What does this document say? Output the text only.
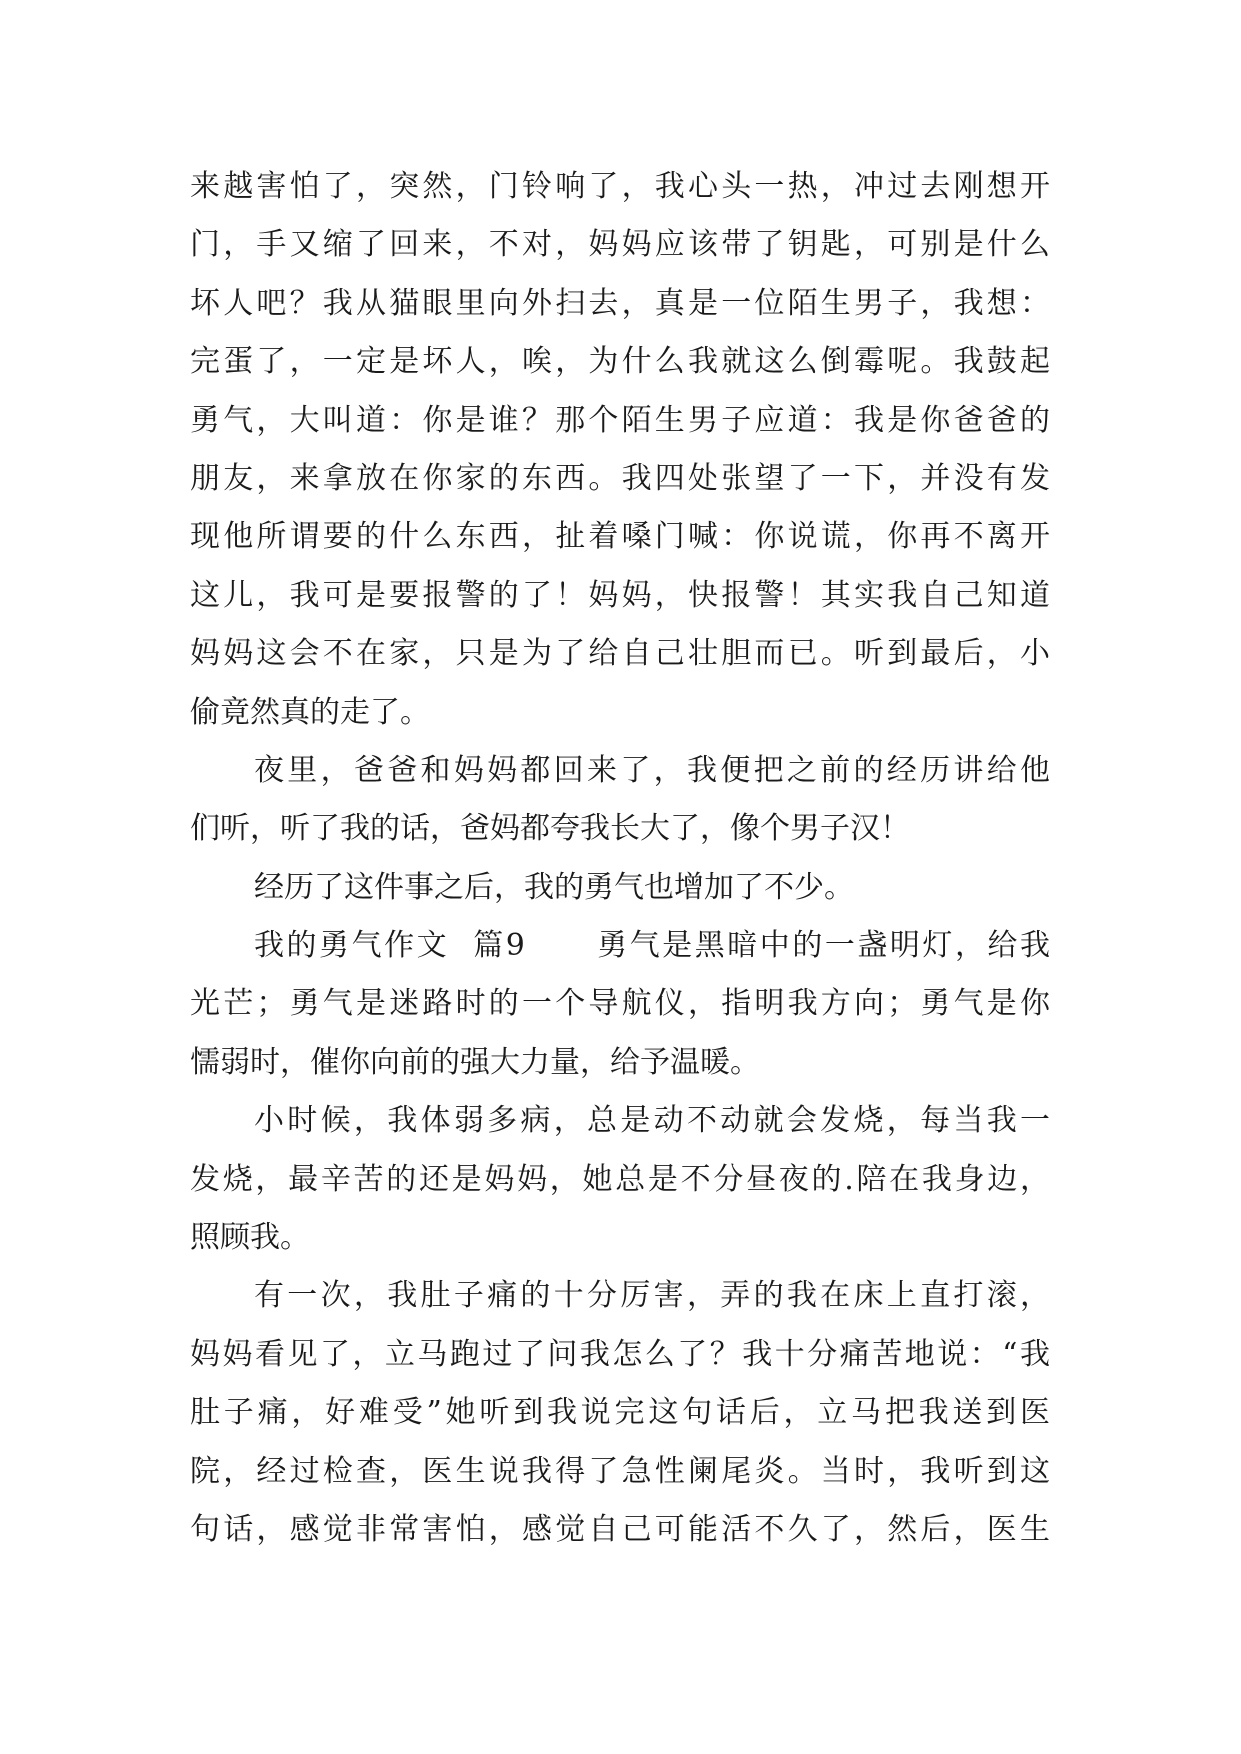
来越害怕了，突然，门铃响了，我心头一热，冲过去刚想开
门，手又缩了回来，不对，妈妈应该带了钥匙，可别是什么
坏人吧？我从猫眼里向外扫去，真是一位陌生男子，我想：
完蛋了，一定是坏人，唉，为什么我就这么倒霉呢。我鼓起
勇气，大叫道：你是谁？那个陌生男子应道：我是你爸爸的
朋友，来拿放在你家的东西。我四处张望了一下，并没有发
现他所谓要的什么东西，扯着嗓门喊：你说谎，你再不离开
这儿，我可是要报警的了！妈妈，快报警！其实我自己知道
妈妈这会不在家，只是为了给自己壮胆而已。听到最后，小
偷竟然真的走了。
夜里，爸爸和妈妈都回来了，我便把之前的经历讲给他
们听，听了我的话，爸妈都夸我长大了，像个男子汉！
经历了这件事之后，我的勇气也增加了不少。
我的勇气作文  篇9      勇气是黑暗中的一盏明灯，给我
光芒；勇气是迷路时的一个导航仪，指明我方向；勇气是你
懦弱时，催你向前的强大力量，给予温暖。
小时候，我体弱多病，总是动不动就会发烧，每当我一
发烧，最辛苦的还是妈妈，她总是不分昼夜的.陪在我身边，
照顾我。
有一次，我肚子痛的十分厉害，弄的我在床上直打滚，
妈妈看见了，立马跑过了问我怎么了？我十分痛苦地说：“我
肚子痛，好难受”她听到我说完这句话后，立马把我送到医
院，经过检查，医生说我得了急性阑尾炎。当时，我听到这
句话，感觉非常害怕，感觉自己可能活不久了，然后，医生
